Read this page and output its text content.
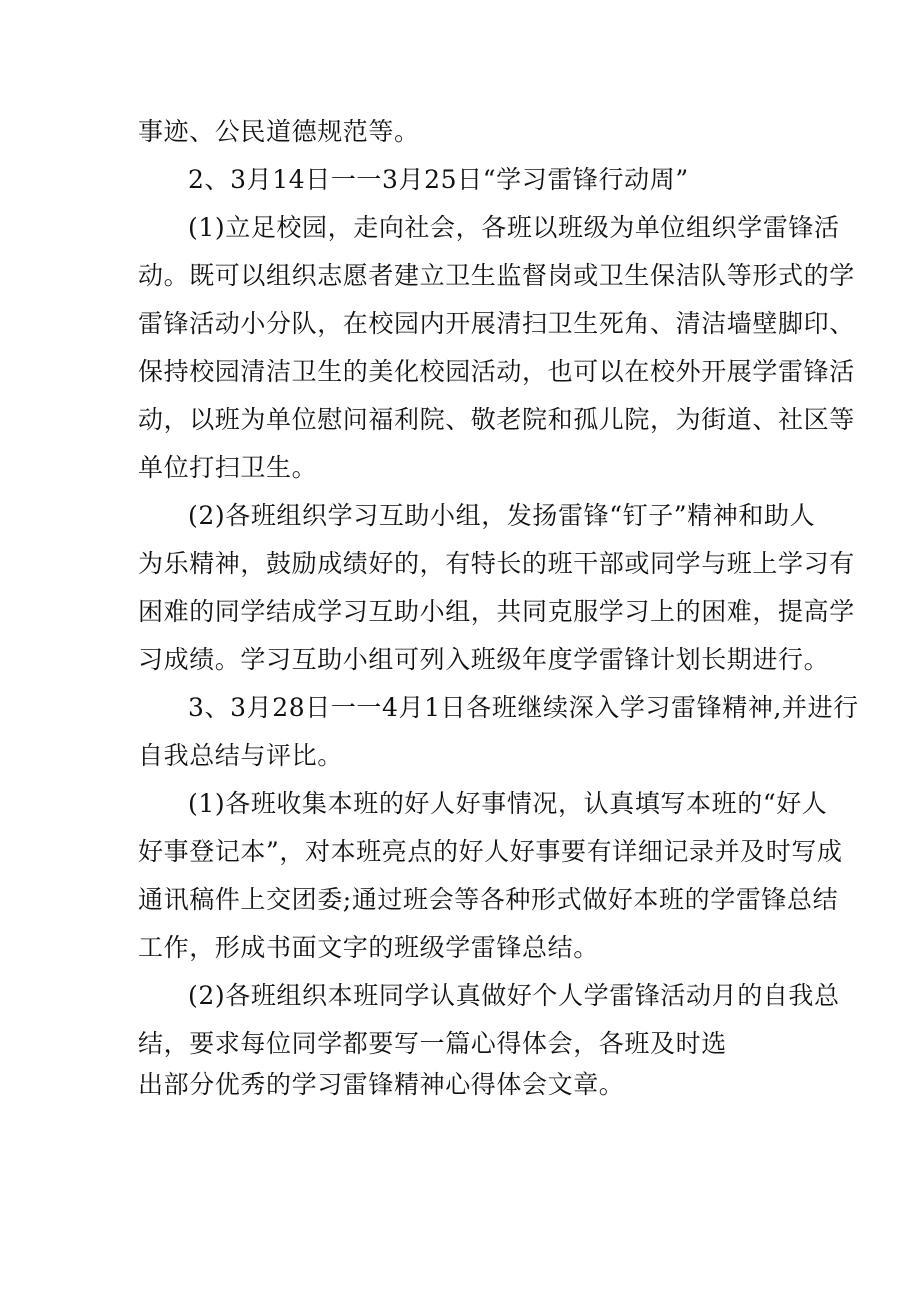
事迹、公民道德规范等。
2、3月14日一一3月25日“学习雷锋行动周”
(1)立足校园，走向社会，各班以班级为单位组织学雷锋活
动。既可以组织志愿者建立卫生监督岗或卫生保洁队等形式的学
雷锋活动小分队，在校园内开展清扫卫生死角、清洁墙壁脚印、
保持校园清洁卫生的美化校园活动，也可以在校外开展学雷锋活
动，以班为单位慰问福利院、敬老院和孤儿院，为街道、社区等
单位打扫卫生。
(2)各班组织学习互助小组，发扬雷锋“钉子”精神和助人
为乐精神，鼓励成绩好的，有特长的班干部或同学与班上学习有
困难的同学结成学习互助小组，共同克服学习上的困难，提高学
习成绩。学习互助小组可列入班级年度学雷锋计划长期进行。
3、3月28日一一4月1日各班继续深入学习雷锋精神,并进行
自我总结与评比。
(1)各班收集本班的好人好事情况，认真填写本班的“好人
好事登记本”，对本班亮点的好人好事要有详细记录并及时写成
通讯稿件上交团委;通过班会等各种形式做好本班的学雷锋总结
工作，形成书面文字的班级学雷锋总结。
(2)各班组织本班同学认真做好个人学雷锋活动月的自我总
结，要求每位同学都要写一篇心得体会，各班及时选
出部分优秀的学习雷锋精神心得体会文章。
